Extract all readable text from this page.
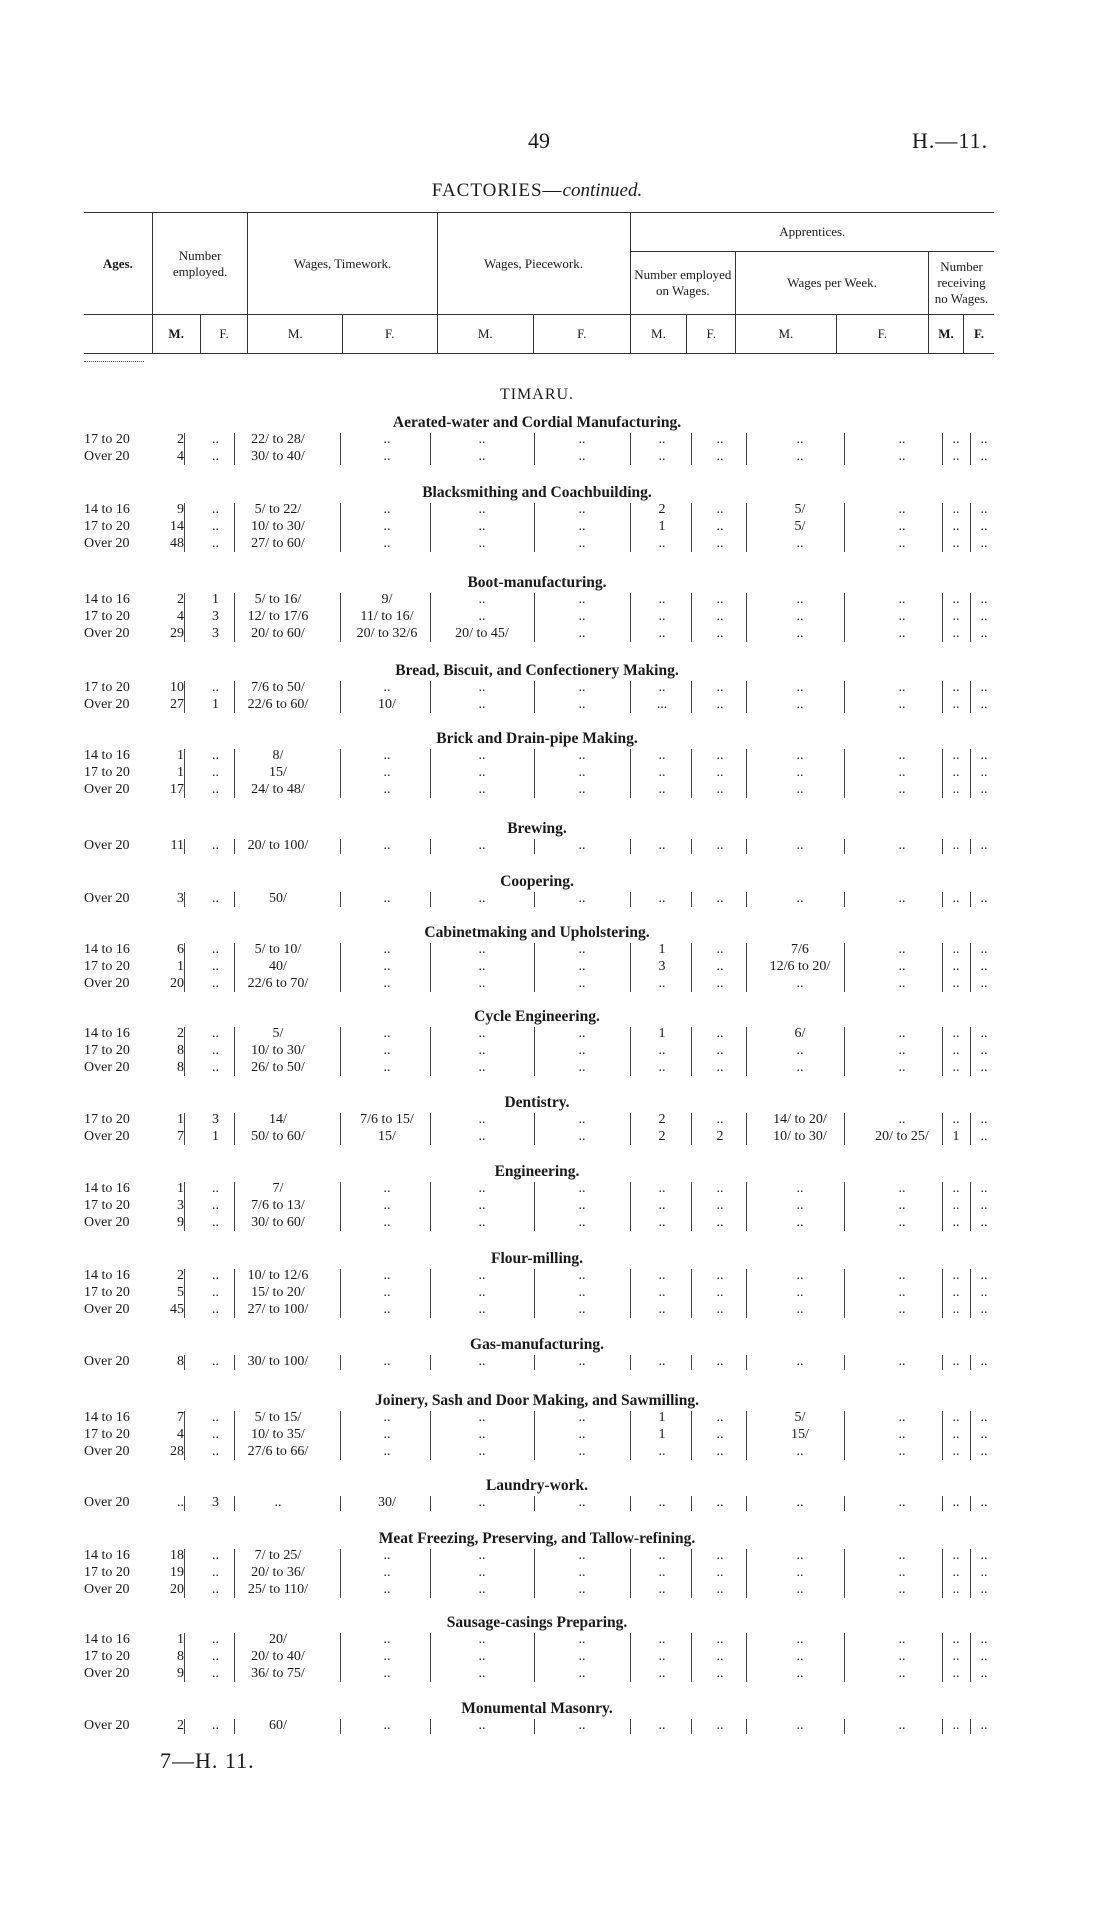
49	H.—11.
FACTORIES—continued.
Ages.	Number employed.		Wages, Timework.		Wages, Piecework.		Apprentices.					
							Number employed on Wages.		Wages per Week.		Number receiving no Wages.	
	M.	F.	M.	F.	M.	F.	M.	F.	M.	F.	M.	F.
TIMARU.
Aerated-water and Cordial Manufacturing.
17 to 20	2	..	22/ to 28/	..	..	..	..	..	..	..	..	..
Over 20	4	..	30/ to 40/	..	..	..	..	..	..	..	..	..
Blacksmithing and Coachbuilding.
14 to 16	9	..	5/ to 22/	..	..	..	2	..	5/	..	..	..
17 to 20	14	..	10/ to 30/	..	..	..	1	..	5/	..	..	..
Over 20	48	..	27/ to 60/	..	..	..	..	..	..	..	..	..
Boot-manufacturing.
14 to 16	2	1	5/ to 16/	9/	..	..	..	..	..	..	..	..
17 to 20	4	3	12/ to 17/6	11/ to 16/	..	..	..	..	..	..	..	..
Over 20	29	3	20/ to 60/	20/ to 32/6	20/ to 45/	..	..	..	..	..	..	..
Bread, Biscuit, and Confectionery Making.
17 to 20	10	..	7/6 to 50/	..	..	..	..	..	..	..	..	..
Over 20	27	1	22/6 to 60/	10/	..	..	...	..	..	..	..	..
Brick and Drain-pipe Making.
14 to 16	1	..	8/	..	..	..	..	..	..	..	..	..
17 to 20	1	..	15/	..	..	..	..	..	..	..	..	..
Over 20	17	..	24/ to 48/	..	..	..	..	..	..	..	..	..
Brewing.
Over 20	11	..	20/ to 100/	..	..	..	..	..	..	..	..	..
Coopering.
Over 20	3	..	50/	..	..	..	..	..	..	..	..	..
Cabinetmaking and Upholstering.
14 to 16	6	..	5/ to 10/	..	..	..	1	..	7/6	..	..	..
17 to 20	1	..	40/	..	..	..	3	..	12/6 to 20/	..	..	..
Over 20	20	..	22/6 to 70/	..	..	..	..	..	..	..	..	..
Cycle Engineering.
14 to 16	2	..	5/	..	..	..	1	..	6/	..	..	..
17 to 20	8	..	10/ to 30/	..	..	..	..	..	..	..	..	..
Over 20	8	..	26/ to 50/	..	..	..	..	..	..	..	..	..
Dentistry.
17 to 20	1	3	14/	7/6 to 15/	..	..	2	..	14/ to 20/	..	..	..
Over 20	7	1	50/ to 60/	15/	..	..	2	2	10/ to 30/	20/ to 25/	1	..
Engineering.
14 to 16	1	..	7/	..	..	..	..	..	..	..	..	..
17 to 20	3	..	7/6 to 13/	..	..	..	..	..	..	..	..	..
Over 20	9	..	30/ to 60/	..	..	..	..	..	..	..	..	..
Flour-milling.
14 to 16	2	..	10/ to 12/6	..	..	..	..	..	..	..	..	..
17 to 20	5	..	15/ to 20/	..	..	..	..	..	..	..	..	..
Over 20	45	..	27/ to 100/	..	..	..	..	..	..	..	..	..
Gas-manufacturing.
Over 20	8	..	30/ to 100/	..	..	..	..	..	..	..	..	..
Joinery, Sash and Door Making, and Sawmilling.
14 to 16	7	..	5/ to 15/	..	..	..	1	..	5/	..	..	..
17 to 20	4	..	10/ to 35/	..	..	..	1	..	15/	..	..	..
Over 20	28	..	27/6 to 66/	..	..	..	..	..	..	..	..	..
Laundry-work.
Over 20	..	3	..	30/	..	..	..	..	..	..	..	..
Meat Freezing, Preserving, and Tallow-refining.
14 to 16	18	..	7/ to 25/	..	..	..	..	..	..	..	..	..
17 to 20	19	..	20/ to 36/	..	..	..	..	..	..	..	..	..
Over 20	20	..	25/ to 110/	..	..	..	..	..	..	..	..	..
Sausage-casings Preparing.
14 to 16	1	..	20/	..	..	..	..	..	..	..	..	..
17 to 20	8	..	20/ to 40/	..	..	..	..	..	..	..	..	..
Over 20	9	..	36/ to 75/	..	..	..	..	..	..	..	..	..
Monumental Masonry.
Over 20	2	..	60/	..	..	..	..	..	..	..	..	..
7—H. 11.
